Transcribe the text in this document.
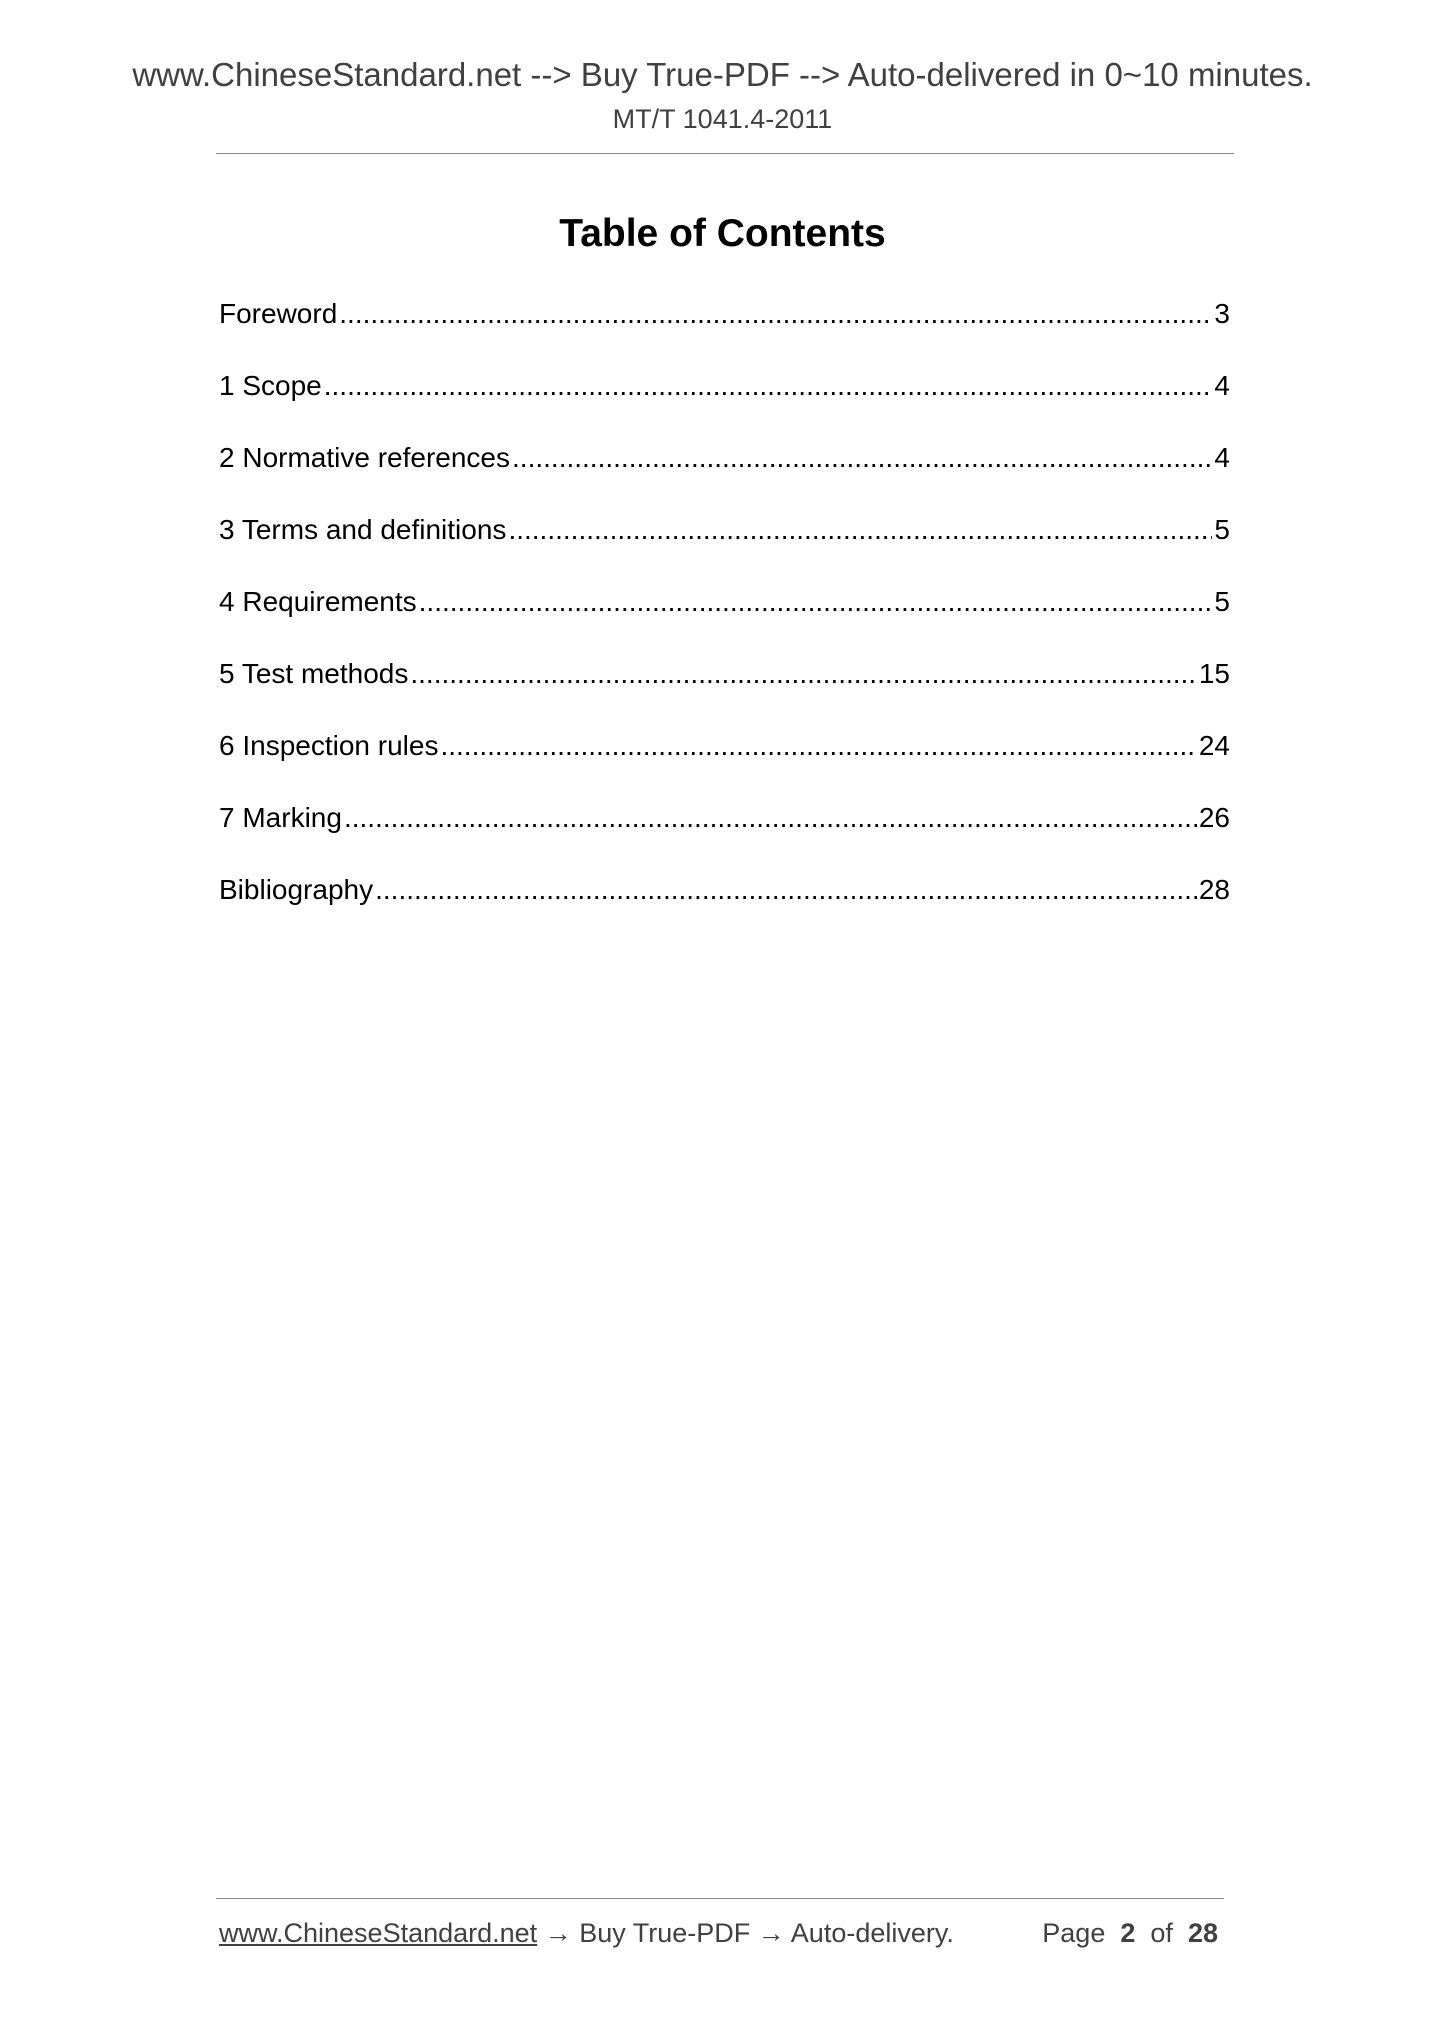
www.ChineseStandard.net --> Buy True-PDF --> Auto-delivered in 0~10 minutes.
MT/T 1041.4-2011
Table of Contents
Foreword .....	3
1 Scope .....	4
2 Normative references .....	4
3 Terms and definitions .....	5
4 Requirements .....	5
5 Test methods .....	15
6 Inspection rules .....	24
7 Marking .....	26
Bibliography .....	28
www.ChineseStandard.net → Buy True-PDF → Auto-delivery.	Page 2 of 28
